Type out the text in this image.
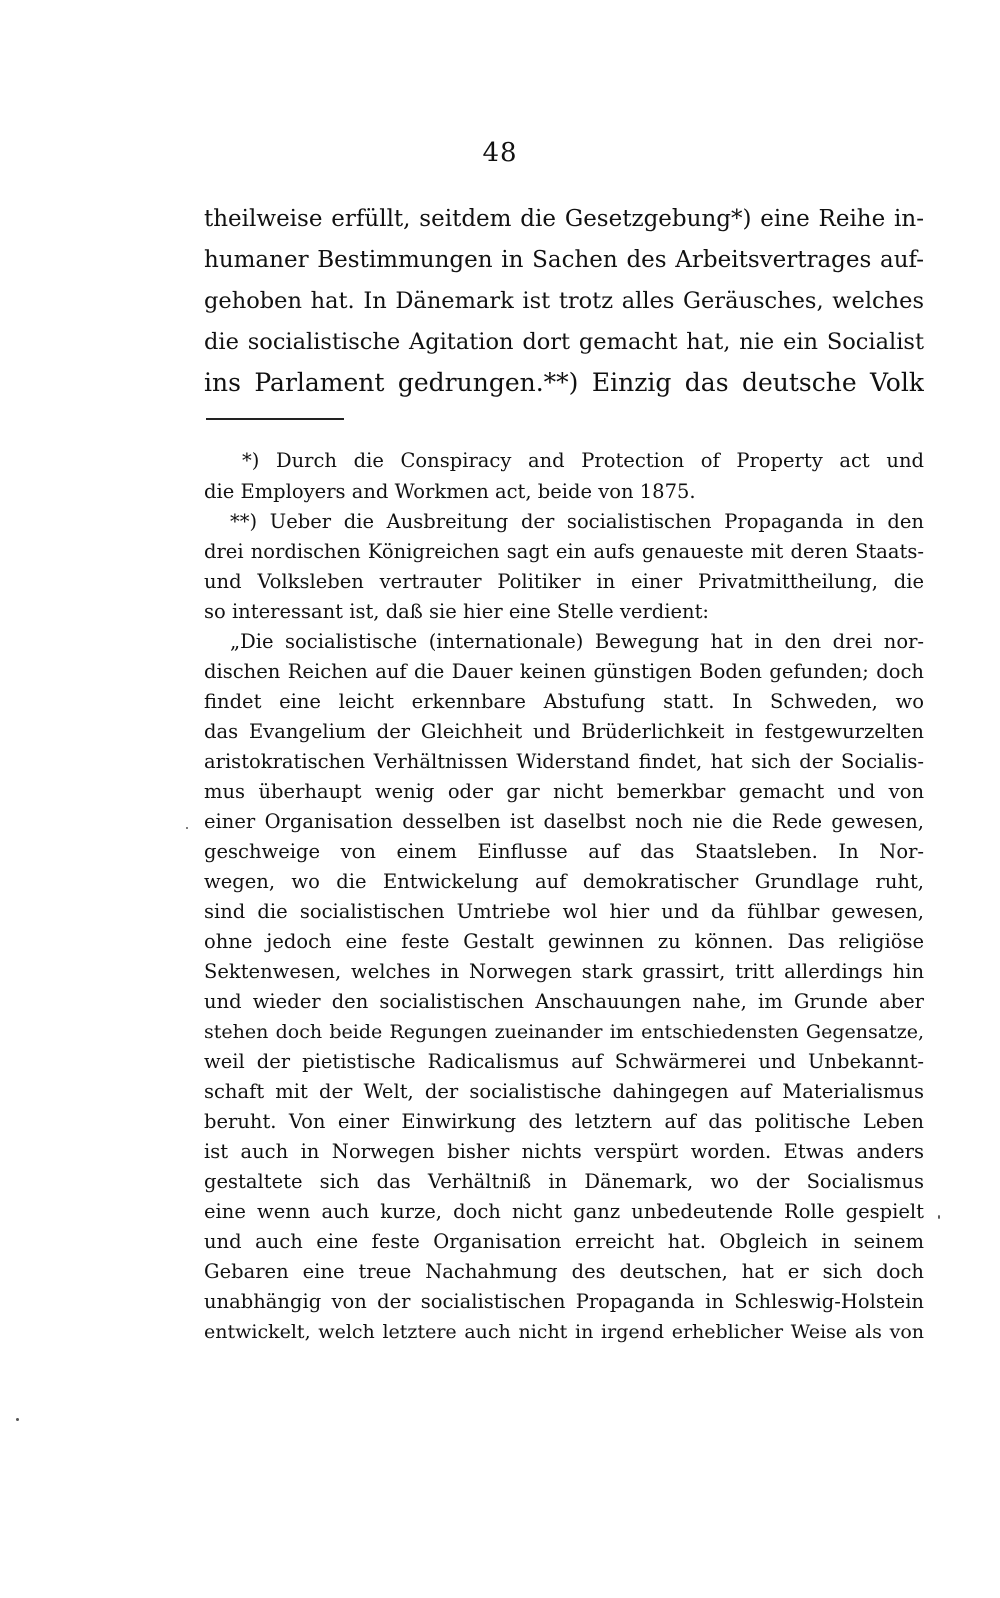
48
theilweise erfüllt, seitdem die Gesetzgebung*) eine Reihe in-
humaner Bestimmungen in Sachen des Arbeitsvertrages auf-
gehoben hat. In Dänemark ist trotz alles Geräusches, welches
die socialistische Agitation dort gemacht hat, nie ein Socialist
ins Parlament gedrungen.**) Einzig das deutsche Volk
*) Durch die Conspiracy and Protection of Property act und
die Employers and Workmen act, beide von 1875.
**) Ueber die Ausbreitung der socialistischen Propaganda in den
drei nordischen Königreichen sagt ein aufs genaueste mit deren Staats-
und Volksleben vertrauter Politiker in einer Privatmittheilung, die
so interessant ist, daß sie hier eine Stelle verdient:
„Die socialistische (internationale) Bewegung hat in den drei nor-
dischen Reichen auf die Dauer keinen günstigen Boden gefunden; doch
findet eine leicht erkennbare Abstufung statt. In Schweden, wo
das Evangelium der Gleichheit und Brüderlichkeit in festgewurzelten
aristokratischen Verhältnissen Widerstand findet, hat sich der Socialis-
mus überhaupt wenig oder gar nicht bemerkbar gemacht und von
einer Organisation desselben ist daselbst noch nie die Rede gewesen,
geschweige von einem Einflusse auf das Staatsleben. In Nor-
wegen, wo die Entwickelung auf demokratischer Grundlage ruht,
sind die socialistischen Umtriebe wol hier und da fühlbar gewesen,
ohne jedoch eine feste Gestalt gewinnen zu können. Das religiöse
Sektenwesen, welches in Norwegen stark grassirt, tritt allerdings hin
und wieder den socialistischen Anschauungen nahe, im Grunde aber
stehen doch beide Regungen zueinander im entschiedensten Gegensatze,
weil der pietistische Radicalismus auf Schwärmerei und Unbekannt-
schaft mit der Welt, der socialistische dahingegen auf Materialismus
beruht. Von einer Einwirkung des letztern auf das politische Leben
ist auch in Norwegen bisher nichts verspürt worden. Etwas anders
gestaltete sich das Verhältniß in Dänemark, wo der Socialismus
eine wenn auch kurze, doch nicht ganz unbedeutende Rolle gespielt
und auch eine feste Organisation erreicht hat. Obgleich in seinem
Gebaren eine treue Nachahmung des deutschen, hat er sich doch
unabhängig von der socialistischen Propaganda in Schleswig-Holstein
entwickelt, welch letztere auch nicht in irgend erheblicher Weise als von
